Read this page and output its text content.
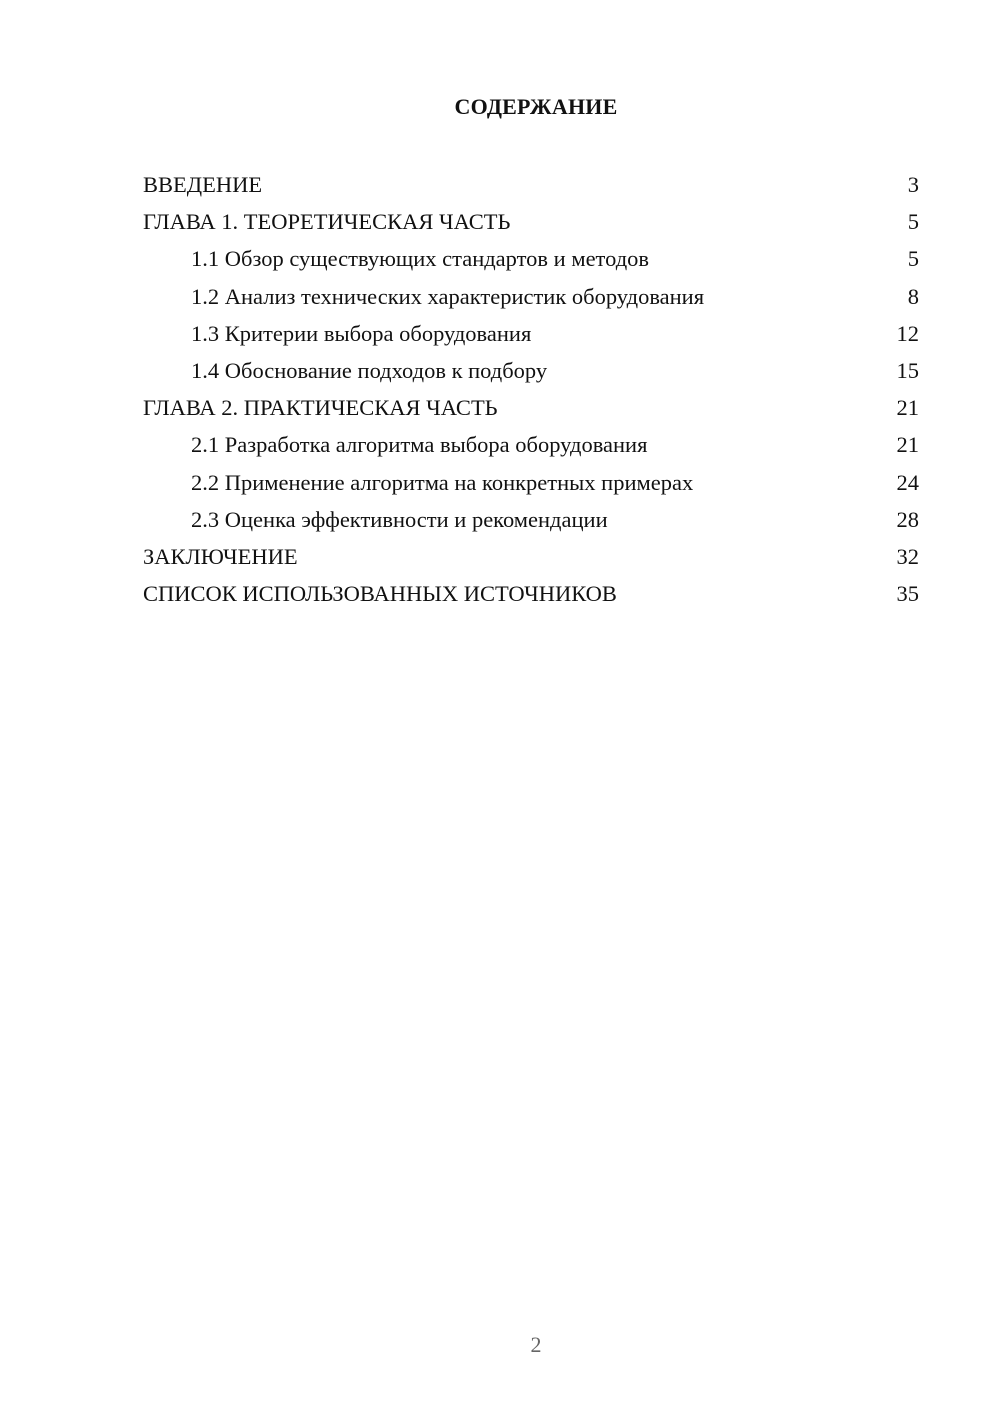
СОДЕРЖАНИЕ
ВВЕДЕНИЕ	3
ГЛАВА 1. ТЕОРЕТИЧЕСКАЯ ЧАСТЬ	5
1.1 Обзор существующих стандартов и методов	5
1.2 Анализ технических характеристик оборудования	8
1.3 Критерии выбора оборудования	12
1.4 Обоснование подходов к подбору	15
ГЛАВА 2. ПРАКТИЧЕСКАЯ ЧАСТЬ	21
2.1 Разработка алгоритма выбора оборудования	21
2.2 Применение алгоритма на конкретных примерах	24
2.3 Оценка эффективности и рекомендации	28
ЗАКЛЮЧЕНИЕ	32
СПИСОК ИСПОЛЬЗОВАННЫХ ИСТОЧНИКОВ	35
2
